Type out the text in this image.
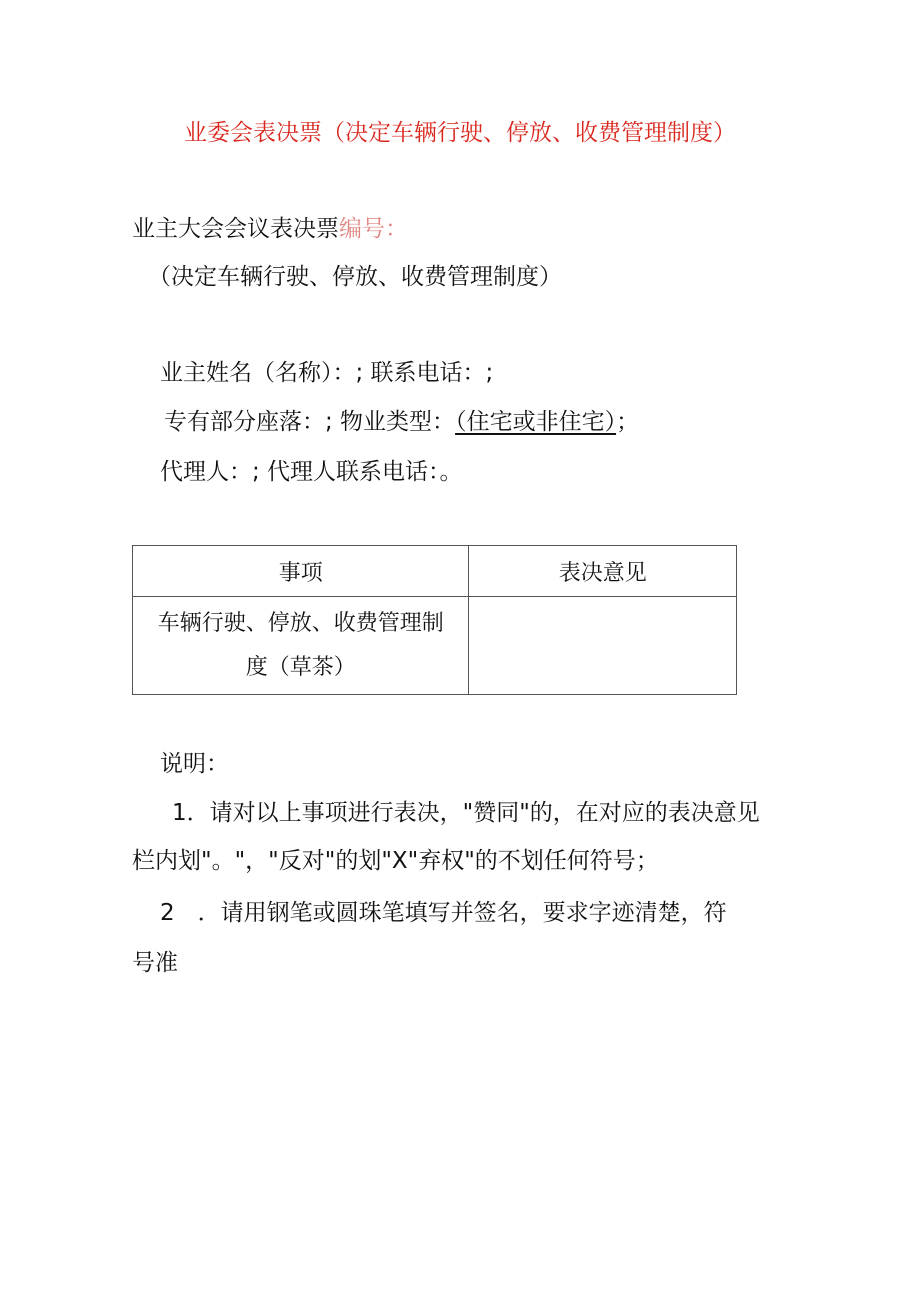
业委会表决票（决定车辆行驶、停放、收费管理制度）
业主大会会议表决票编号：
（决定车辆行驶、停放、收费管理制度）
业主姓名（名称）：; 联系电话：;
专有部分座落：; 物业类型：（住宅或非住宅）；
代理人：; 代理人联系电话：。
事项	表决意见

车辆行驶、停放、收费管理制
度（草茶）	

说明：
1．请对以上事项进行表决，"赞同"的，在对应的表决意见
栏内划"。"，"反对"的划"X"弃权"的不划任何符号；
2　．请用钢笔或圆珠笔填写并签名，要求字迹清楚，符
号准
